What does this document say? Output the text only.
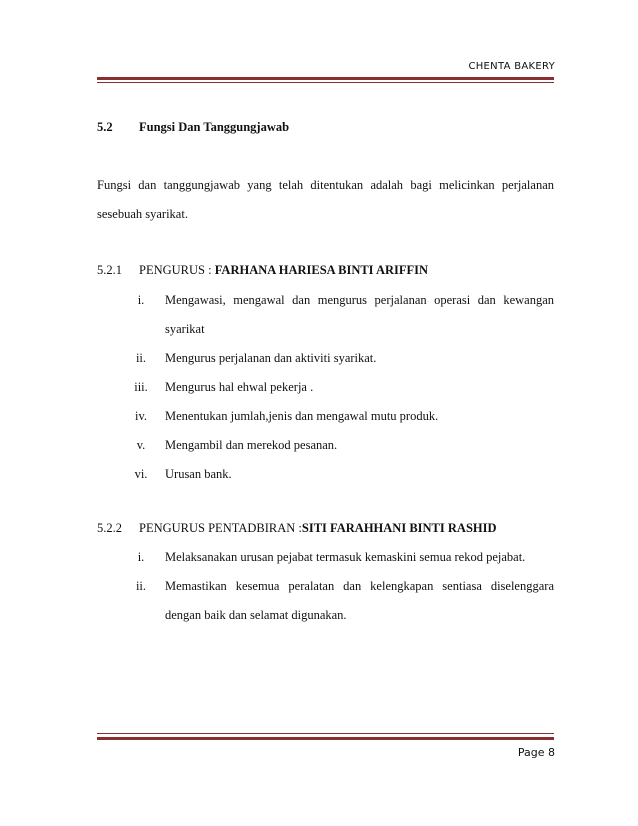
CHENTA BAKERY
5.2 Fungsi Dan Tanggungjawab
Fungsi dan tanggungjawab yang telah ditentukan adalah bagi melicinkan perjalanan
sesebuah syarikat.
5.2.1 PENGURUS : FARHANA HARIESA BINTI ARIFFIN
i.	Mengawasi, mengawal dan mengurus perjalanan operasi dan kewangan
syarikat
ii.	Mengurus perjalanan dan aktiviti syarikat.
iii.	Mengurus hal ehwal pekerja .
iv.	Menentukan jumlah,jenis dan mengawal mutu produk.
v.	Mengambil dan merekod pesanan.
vi.	Urusan bank.
5.2.2 PENGURUS PENTADBIRAN :SITI FARAHHANI BINTI RASHID
i.	Melaksanakan urusan pejabat termasuk kemaskini semua rekod pejabat.
ii.	Memastikan kesemua peralatan dan kelengkapan sentiasa diselenggara
dengan baik dan selamat digunakan.
Page 8
